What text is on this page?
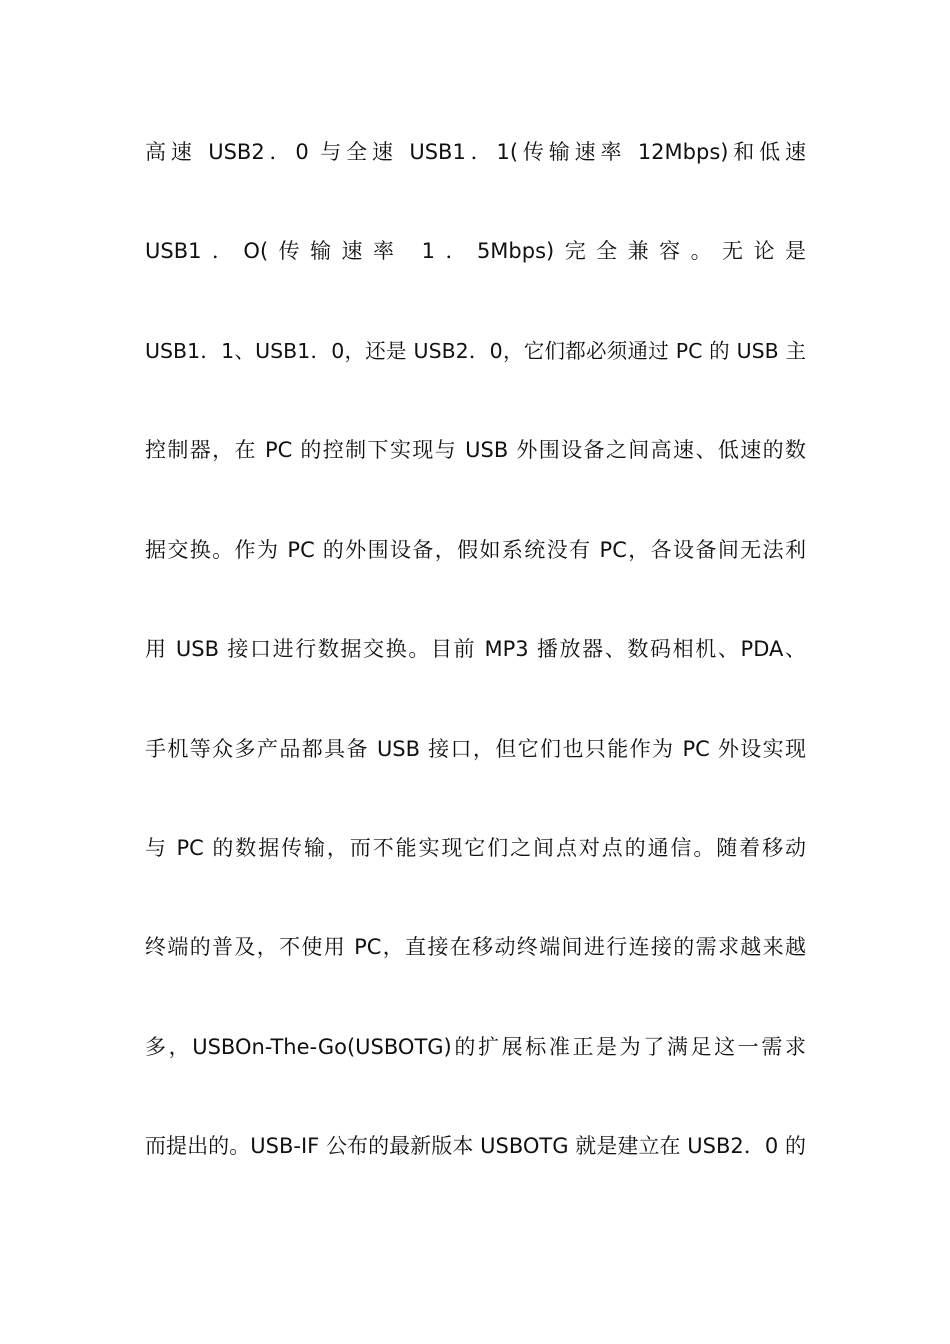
高速 USB2．0 与全速 USB1．1(传输速率 12Mbps)和低速
USB1．O(传输速率 1．5Mbps)完全兼容。无论是
USB1．1、USB1．0，还是 USB2．0，它们都必须通过 PC 的 USB 主
控制器，在 PC 的控制下实现与 USB 外围设备之间高速、低速的数
据交换。作为 PC 的外围设备，假如系统没有 PC，各设备间无法利
用 USB 接口进行数据交换。目前 MP3 播放器、数码相机、PDA、
手机等众多产品都具备 USB 接口，但它们也只能作为 PC 外设实现
与 PC 的数据传输，而不能实现它们之间点对点的通信。随着移动
终端的普及，不使用 PC，直接在移动终端间进行连接的需求越来越
多，USBOn-The-Go(USBOTG)的扩展标准正是为了满足这一需求
而提出的。USB-IF 公布的最新版本 USBOTG 就是建立在 USB2．0 的
